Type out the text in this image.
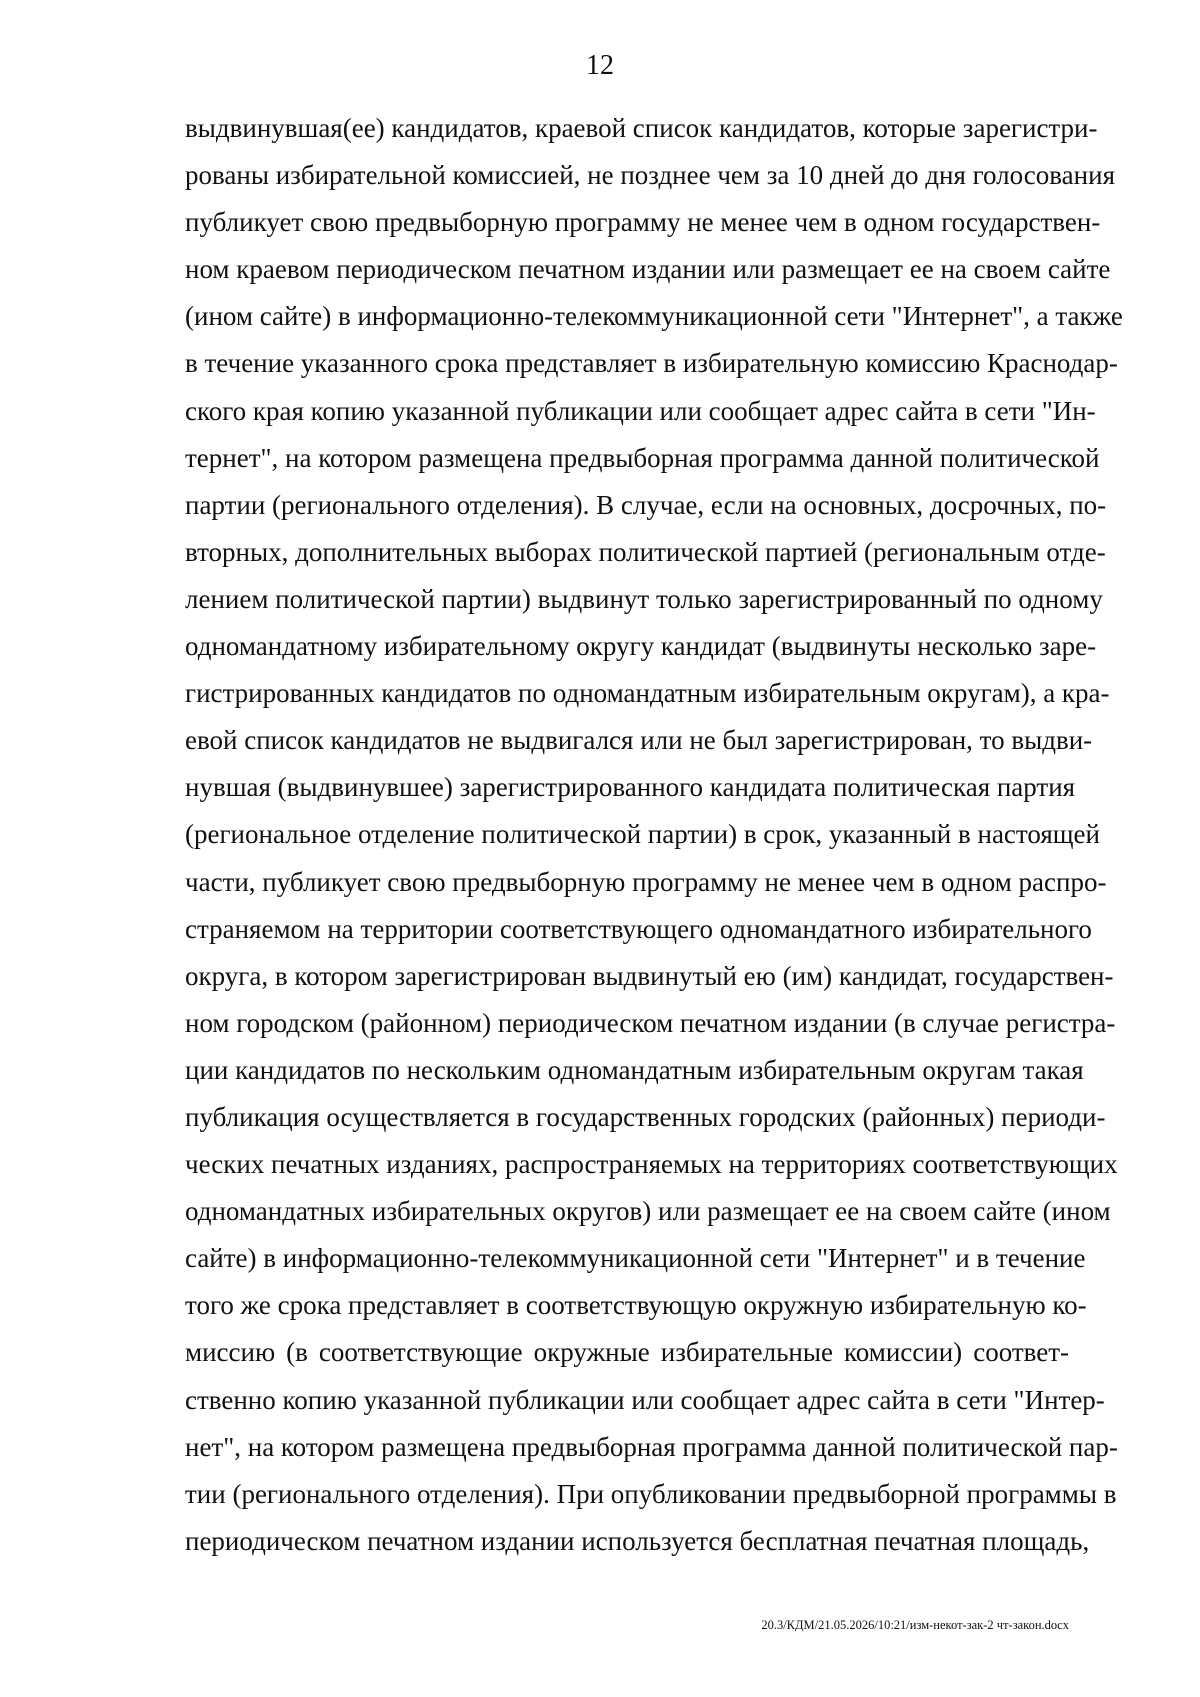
12
выдвинувшая(ее) кандидатов, краевой список кандидатов, которые зарегистри-
рованы избирательной комиссией, не позднее чем за 10 дней до дня голосования
публикует свою предвыборную программу не менее чем в одном государствен-
ном краевом периодическом печатном издании или размещает ее на своем сайте
(ином сайте) в информационно-телекоммуникационной сети "Интернет", а также
в течение указанного срока представляет в избирательную комиссию Краснодар-
ского края копию указанной публикации или сообщает адрес сайта в сети "Ин-
тернет", на котором размещена предвыборная программа данной политической
партии (регионального отделения). В случае, если на основных, досрочных, по-
вторных, дополнительных выборах политической партией (региональным отде-
лением политической партии) выдвинут только зарегистрированный по одному
одномандатному избирательному округу кандидат (выдвинуты несколько заре-
гистрированных кандидатов по одномандатным избирательным округам), а кра-
евой список кандидатов не выдвигался или не был зарегистрирован, то выдви-
нувшая (выдвинувшее) зарегистрированного кандидата политическая партия
(региональное отделение политической партии) в срок, указанный в настоящей
части, публикует свою предвыборную программу не менее чем в одном распро-
страняемом на территории соответствующего одномандатного избирательного
округа, в котором зарегистрирован выдвинутый ею (им) кандидат, государствен-
ном городском (районном) периодическом печатном издании (в случае регистра-
ции кандидатов по нескольким одномандатным избирательным округам такая
публикация осуществляется в государственных городских (районных) периоди-
ческих печатных изданиях, распространяемых на территориях соответствующих
одномандатных избирательных округов) или размещает ее на своем сайте (ином
сайте) в информационно-телекоммуникационной сети "Интернет" и в течение
того же срока представляет в соответствующую окружную избирательную ко-
миссию (в соответствующие окружные избирательные комиссии) соответ-
ственно копию указанной публикации или сообщает адрес сайта в сети "Интер-
нет", на котором размещена предвыборная программа данной политической пар-
тии (регионального отделения). При опубликовании предвыборной программы в
периодическом печатном издании используется бесплатная печатная площадь,
20.3/КДМ/21.05.2026/10:21/изм-некот-зак-2 чт-закон.docx
